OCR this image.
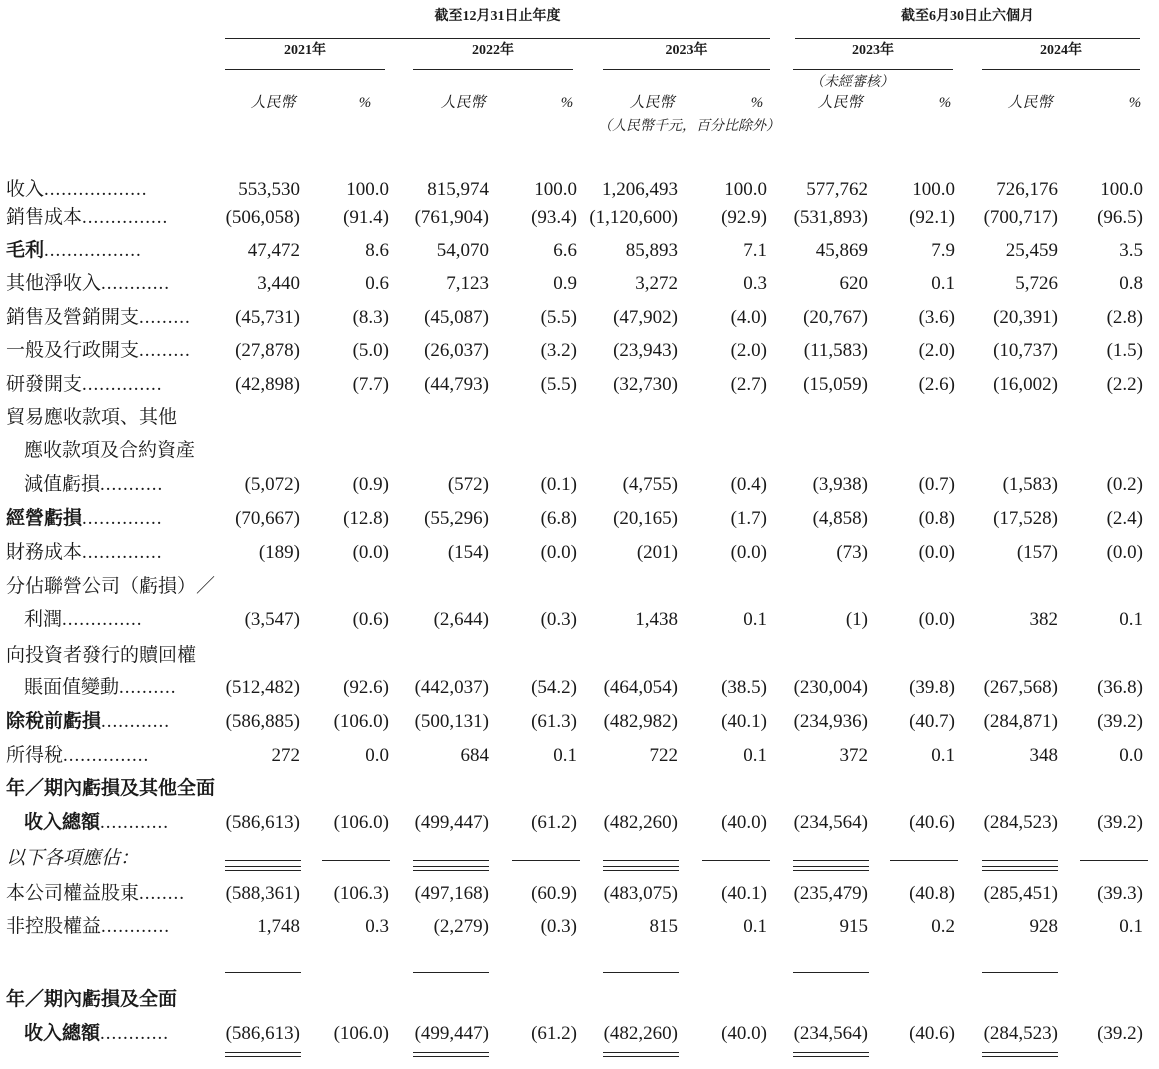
截至12月31日止年度	截至6月30日止六個月
2021年	2022年	2023年	2023年	2024年
（未經審核）
人民幣	%	人民幣	%	人民幣	%	人民幣	%	人民幣	%
（人民幣千元，百分比除外）
收入..................	553,530	100.0	815,974	100.0	1,206,493	100.0	577,762	100.0	726,176	100.0
銷售成本...............	(506,058)	(91.4)	(761,904)	(93.4) (1,120,600)	(92.9)	(531,893)	(92.1)	(700,717)	(96.5)
毛利.................	47,472	8.6	54,070	6.6	85,893	7.1	45,869	7.9	25,459	3.5
其他淨收入............	3,440	0.6	7,123	0.9	3,272	0.3	620	0.1	5,726	0.8
銷售及營銷開支.........	(45,731)	(8.3)	(45,087)	(5.5)	(47,902)	(4.0)	(20,767)	(3.6)	(20,391)	(2.8)
一般及行政開支.........	(27,878)	(5.0)	(26,037)	(3.2)	(23,943)	(2.0)	(11,583)	(2.0)	(10,737)	(1.5)
研發開支..............	(42,898)	(7.7)	(44,793)	(5.5)	(32,730)	(2.7)	(15,059)	(2.6)	(16,002)	(2.2)
貿易應收款項、其他
應收款項及合約資產
減值虧損...........	(5,072)	(0.9)	(572)	(0.1)	(4,755)	(0.4)	(3,938)	(0.7)	(1,583)	(0.2)
經營虧損..............	(70,667)	(12.8)	(55,296)	(6.8)	(20,165)	(1.7)	(4,858)	(0.8)	(17,528)	(2.4)
財務成本..............	(189)	(0.0)	(154)	(0.0)	(201)	(0.0)	(73)	(0.0)	(157)	(0.0)
分佔聯營公司（虧損）／
利潤..............	(3,547)	(0.6)	(2,644)	(0.3)	1,438	0.1	(1)	(0.0)	382	0.1
向投資者發行的贖回權
賬面值變動..........	(512,482)	(92.6)	(442,037)	(54.2)	(464,054)	(38.5)	(230,004)	(39.8)	(267,568)	(36.8)
除稅前虧損............	(586,885)	(106.0)	(500,131)	(61.3)	(482,982)	(40.1)	(234,936)	(40.7)	(284,871)	(39.2)
所得稅...............	272	0.0	684	0.1	722	0.1	372	0.1	348	0.0
年／期內虧損及其他全面
收入總額............	(586,613)	(106.0)	(499,447)	(61.2)	(482,260)	(40.0)	(234,564)	(40.6)	(284,523)	(39.2)
以下各項應佔：
本公司權益股東........	(588,361)	(106.3)	(497,168)	(60.9)	(483,075)	(40.1)	(235,479)	(40.8)	(285,451)	(39.3)
非控股權益............	1,748	0.3	(2,279)	(0.3)	815	0.1	915	0.2	928	0.1
年／期內虧損及全面
收入總額............	(586,613)	(106.0)	(499,447)	(61.2)	(482,260)	(40.0)	(234,564)	(40.6)	(284,523)	(39.2)
